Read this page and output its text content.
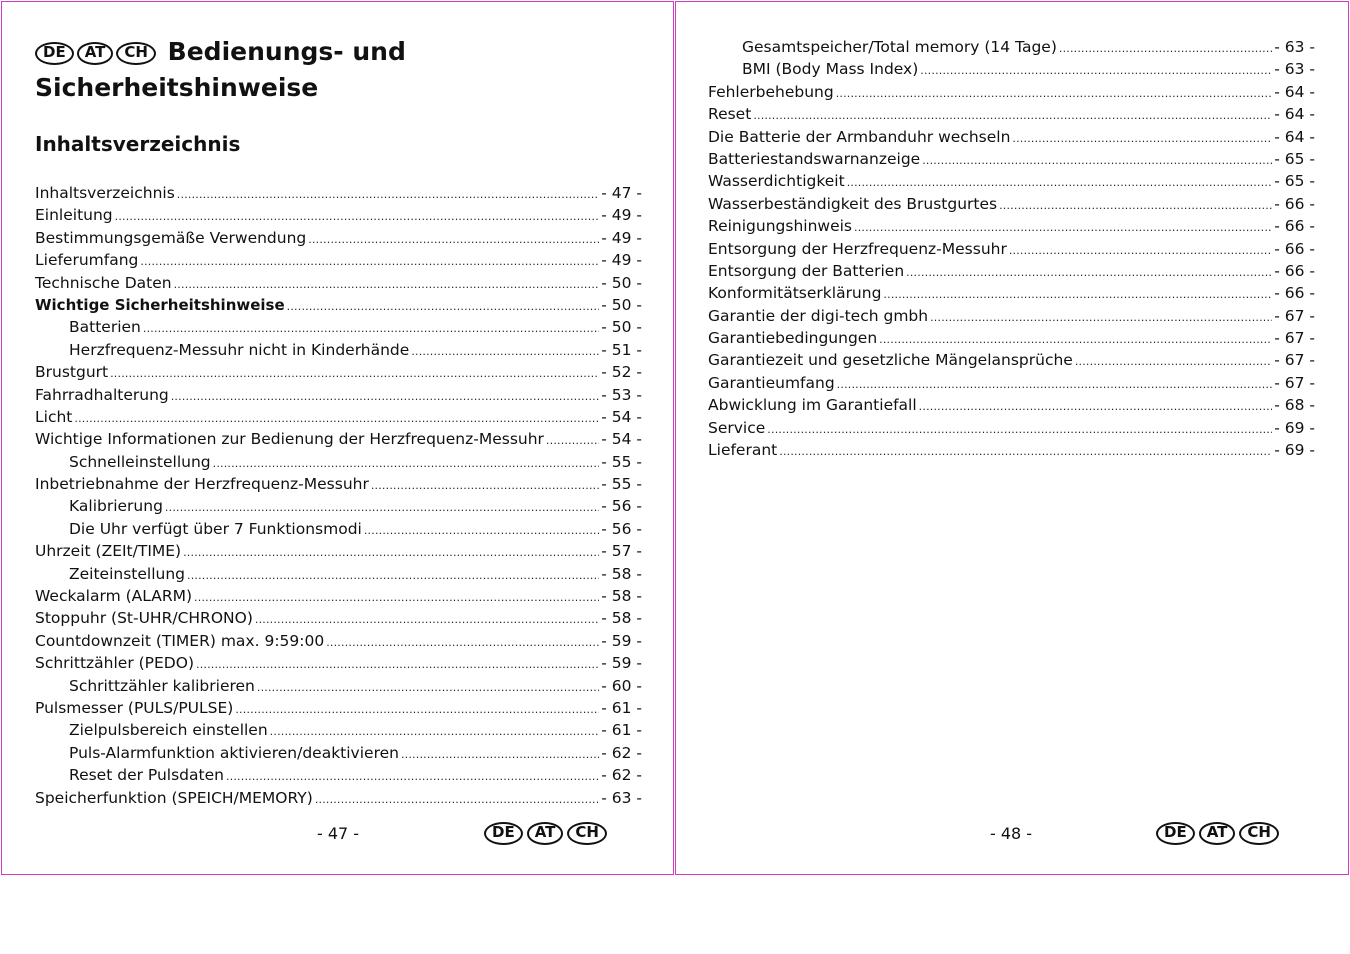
DE AT CH Bedienungs- und
Sicherheitshinweise
Inhaltsverzeichnis
Inhaltsverzeichnis .....	- 47 -
Einleitung .....	- 49 -
Bestimmungsgemäße Verwendung .....	- 49 -
Lieferumfang .....	- 49 -
Technische Daten .....	- 50 -
Wichtige Sicherheitshinweise .....	- 50 -
Batterien .....	- 50 -
Herzfrequenz-Messuhr nicht in Kinderhände .....	- 51 -
Brustgurt .....	- 52 -
Fahrradhalterung .....	- 53 -
Licht .....	- 54 -
Wichtige Informationen zur Bedienung der Herzfrequenz-Messuhr .....	- 54 -
Schnelleinstellung .....	- 55 -
Inbetriebnahme der Herzfrequenz-Messuhr .....	- 55 -
Kalibrierung .....	- 56 -
Die Uhr verfügt über 7 Funktionsmodi .....	- 56 -
Uhrzeit (ZEIt/TIME) .....	- 57 -
Zeiteinstellung .....	- 58 -
Weckalarm (ALARM) .....	- 58 -
Stoppuhr (St-UHR/CHRONO) .....	- 58 -
Countdownzeit (TIMER) max. 9:59:00 .....	- 59 -
Schrittzähler (PEDO) .....	- 59 -
Schrittzähler kalibrieren .....	- 60 -
Pulsmesser (PULS/PULSE) .....	- 61 -
Zielpulsbereich einstellen .....	- 61 -
Puls-Alarmfunktion aktivieren/deaktivieren .....	- 62 -
Reset der Pulsdaten .....	- 62 -
Speicherfunktion (SPEICH/MEMORY) .....	- 63 -
- 47 -	DE AT CH
Gesamtspeicher/Total memory (14 Tage) .....	- 63 -
BMI (Body Mass Index) .....	- 63 -
Fehlerbehebung .....	- 64 -
Reset .....	- 64 -
Die Batterie der Armbanduhr wechseln .....	- 64 -
Batteriestandswarnanzeige .....	- 65 -
Wasserdichtigkeit .....	- 65 -
Wasserbeständigkeit des Brustgurtes .....	- 66 -
Reinigungshinweis .....	- 66 -
Entsorgung der Herzfrequenz-Messuhr .....	- 66 -
Entsorgung der Batterien .....	- 66 -
Konformitätserklärung .....	- 66 -
Garantie der digi-tech gmbh .....	- 67 -
Garantiebedingungen .....	- 67 -
Garantiezeit und gesetzliche Mängelansprüche .....	- 67 -
Garantieumfang .....	- 67 -
Abwicklung im Garantiefall .....	- 68 -
Service .....	- 69 -
Lieferant .....	- 69 -
- 48 -	DE AT CH
